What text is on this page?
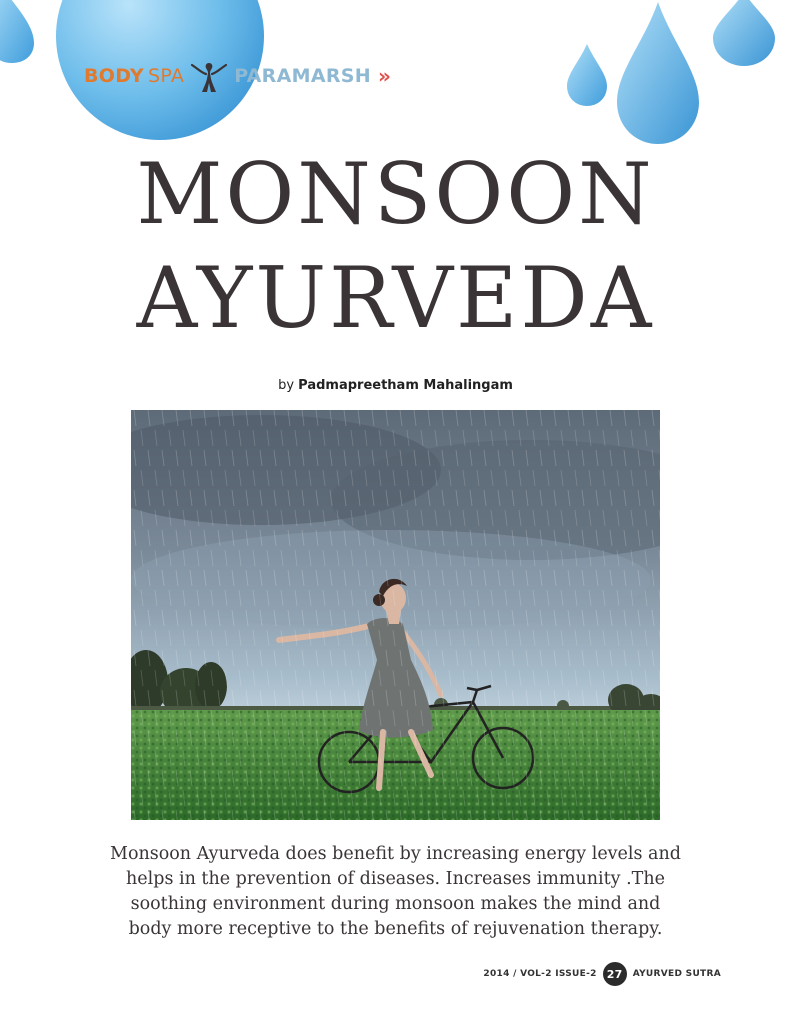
BODY SPA	PARAMARSH »
MONSOON
AYURVEDA
by Padmapreetham Mahalingam
Monsoon Ayurveda does benefit by increasing energy levels and helps in the prevention of diseases. Increases immunity .The soothing environment during monsoon makes the mind and body more receptive to the benefits of rejuvenation therapy.
2014 / VOL-2 ISSUE-2 27	AYURVED SUTRA
